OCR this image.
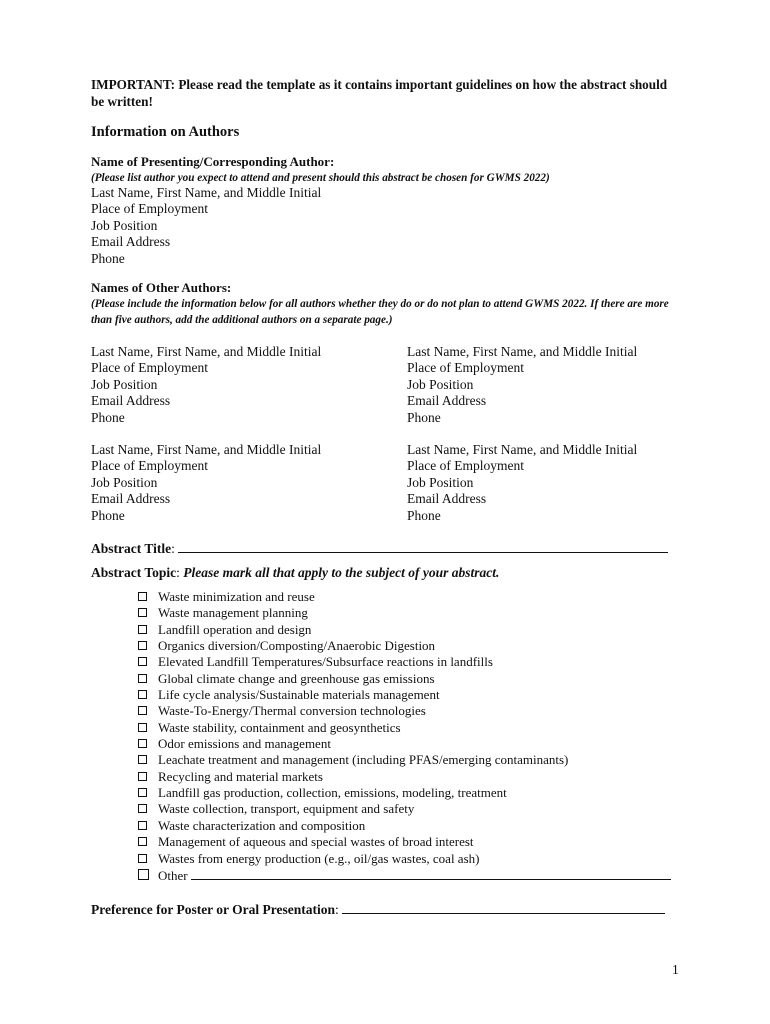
IMPORTANT: Please read the template as it contains important guidelines on how the abstract should be written!
Information on Authors
Name of Presenting/Corresponding Author:
(Please list author you expect to attend and present should this abstract be chosen for GWMS 2022)
Last Name, First Name, and Middle Initial
Place of Employment
Job Position
Email Address
Phone
Names of Other Authors:
(Please include the information below for all authors whether they do or do not plan to attend GWMS 2022. If there are more than five authors, add the additional authors on a separate page.)
Last Name, First Name, and Middle Initial
Place of Employment
Job Position
Email Address
Phone
Last Name, First Name, and Middle Initial
Place of Employment
Job Position
Email Address
Phone
Last Name, First Name, and Middle Initial
Place of Employment
Job Position
Email Address
Phone
Last Name, First Name, and Middle Initial
Place of Employment
Job Position
Email Address
Phone
Abstract Title:
Abstract Topic: Please mark all that apply to the subject of your abstract.
Waste minimization and reuse
Waste management planning
Landfill operation and design
Organics diversion/Composting/Anaerobic Digestion
Elevated Landfill Temperatures/Subsurface reactions in landfills
Global climate change and greenhouse gas emissions
Life cycle analysis/Sustainable materials management
Waste-To-Energy/Thermal conversion technologies
Waste stability, containment and geosynthetics
Odor emissions and management
Leachate treatment and management (including PFAS/emerging contaminants)
Recycling and material markets
Landfill gas production, collection, emissions, modeling, treatment
Waste collection, transport, equipment and safety
Waste characterization and composition
Management of aqueous and special wastes of broad interest
Wastes from energy production (e.g., oil/gas wastes, coal ash)
Other
Preference for Poster or Oral Presentation:
1
